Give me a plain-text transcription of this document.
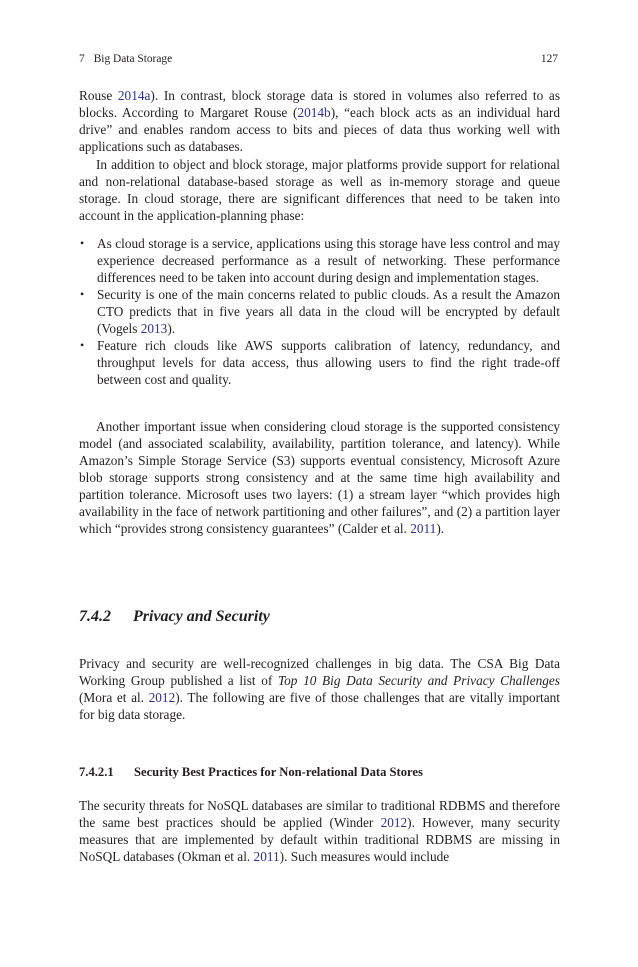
7 Big Data Storage	127

Rouse 2014a). In contrast, block storage data is stored in volumes also referred to as blocks. According to Margaret Rouse (2014b), “each block acts as an individual hard drive” and enables random access to bits and pieces of data thus working well with applications such as databases.

In addition to object and block storage, major platforms provide support for relational and non-relational database-based storage as well as in-memory storage and queue storage. In cloud storage, there are significant differences that need to be taken into account in the application-planning phase:

• As cloud storage is a service, applications using this storage have less control and may experience decreased performance as a result of networking. These performance differences need to be taken into account during design and implementation stages.
• Security is one of the main concerns related to public clouds. As a result the Amazon CTO predicts that in five years all data in the cloud will be encrypted by default (Vogels 2013).
• Feature rich clouds like AWS supports calibration of latency, redundancy, and throughput levels for data access, thus allowing users to find the right trade-off between cost and quality.

Another important issue when considering cloud storage is the supported consistency model (and associated scalability, availability, partition tolerance, and latency). While Amazon’s Simple Storage Service (S3) supports eventual consistency, Microsoft Azure blob storage supports strong consistency and at the same time high availability and partition tolerance. Microsoft uses two layers: (1) a stream layer “which provides high availability in the face of network partitioning and other failures”, and (2) a partition layer which “provides strong consistency guarantees” (Calder et al. 2011).

7.4.2 Privacy and Security

Privacy and security are well-recognized challenges in big data. The CSA Big Data Working Group published a list of Top 10 Big Data Security and Privacy Challenges (Mora et al. 2012). The following are five of those challenges that are vitally important for big data storage.

7.4.2.1 Security Best Practices for Non-relational Data Stores

The security threats for NoSQL databases are similar to traditional RDBMS and therefore the same best practices should be applied (Winder 2012). However, many security measures that are implemented by default within traditional RDBMS are missing in NoSQL databases (Okman et al. 2011). Such measures would include
